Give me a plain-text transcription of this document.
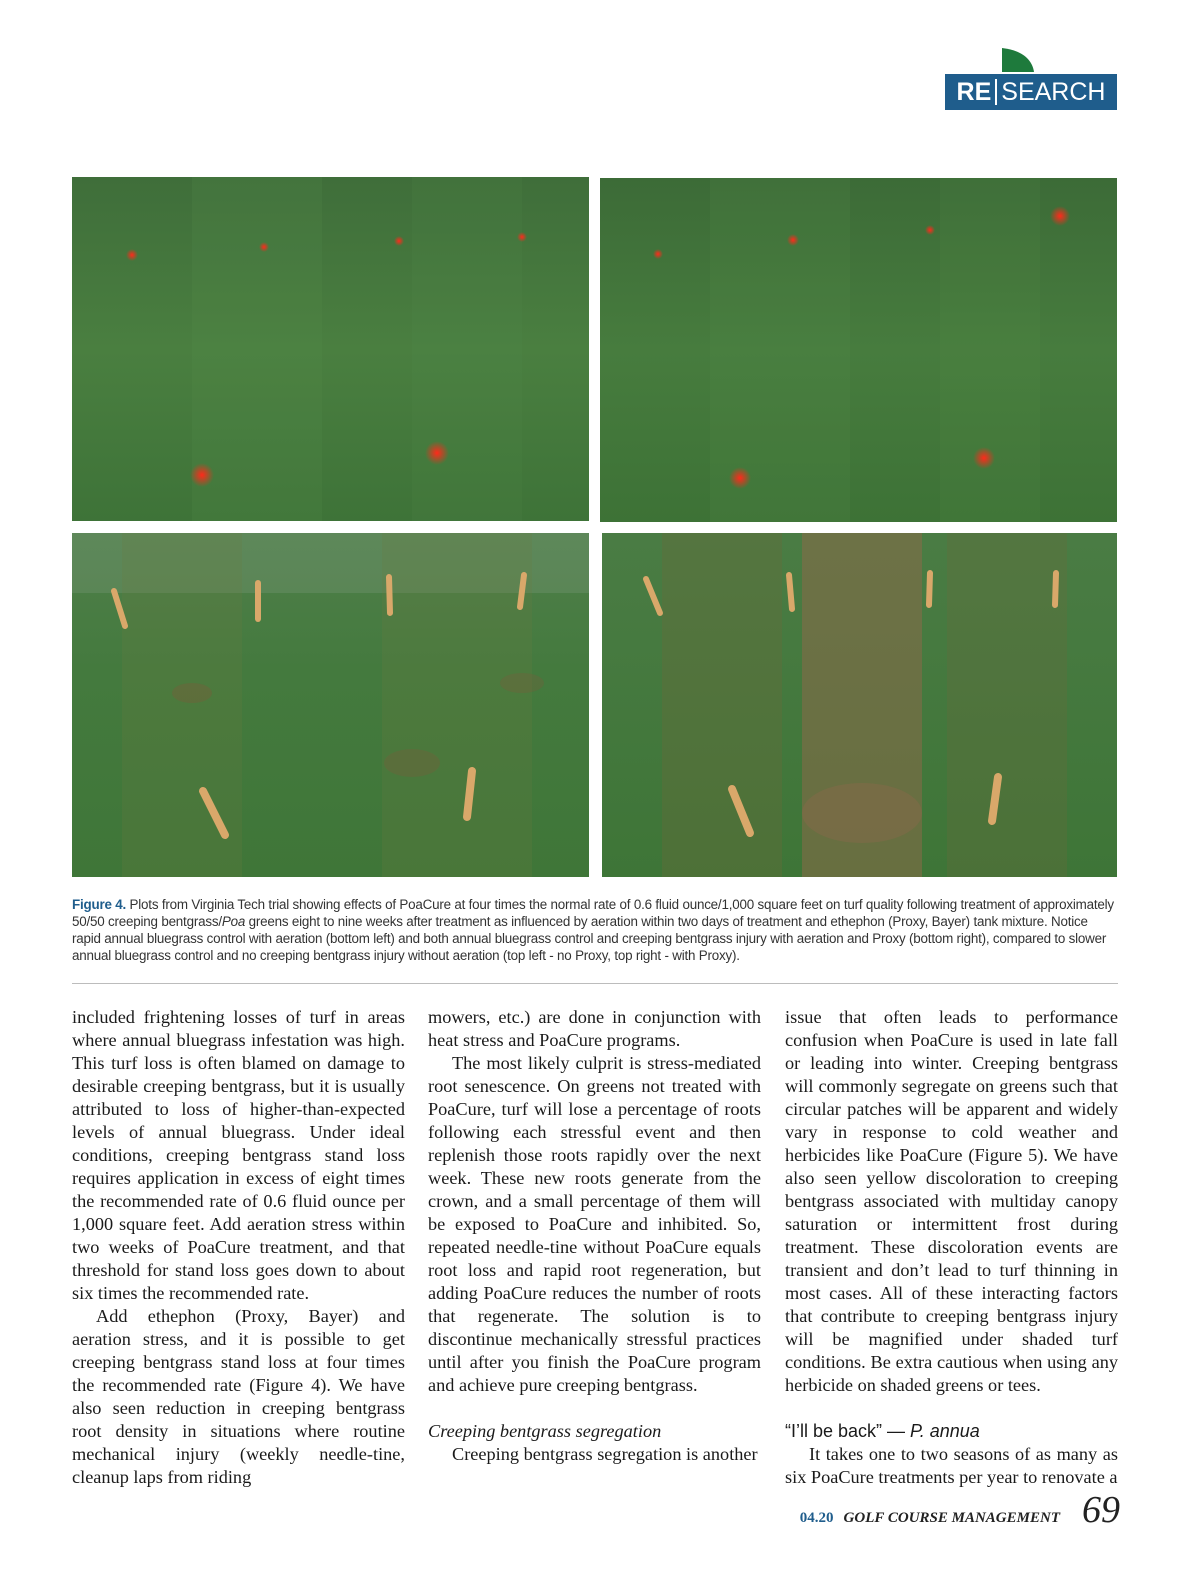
RE SEARCH
Figure 4. Plots from Virginia Tech trial showing effects of PoaCure at four times the normal rate of 0.6 fluid ounce/1,000 square feet on turf quality following treatment of approximately 50/50 creeping bentgrass/Poa greens eight to nine weeks after treatment as influenced by aeration within two days of treatment and ethephon (Proxy, Bayer) tank mixture. Notice rapid annual bluegrass control with aeration (bottom left) and both annual bluegrass control and creeping bentgrass injury with aeration and Proxy (bottom right), compared to slower annual bluegrass control and no creeping bentgrass injury without aeration (top left - no Proxy, top right - with Proxy).

included frightening losses of turf in areas where annual bluegrass infestation was high. This turf loss is often blamed on damage to desirable creeping bentgrass, but it is usually attributed to loss of higher-than-expected levels of annual bluegrass. Under ideal conditions, creeping bentgrass stand loss requires application in excess of eight times the recommended rate of 0.6 fluid ounce per 1,000 square feet. Add aeration stress within two weeks of PoaCure treatment, and that threshold for stand loss goes down to about six times the recommended rate.

Add ethephon (Proxy, Bayer) and aeration stress, and it is possible to get creeping bentgrass stand loss at four times the recommended rate (Figure 4). We have also seen reduction in creeping bentgrass root density in situations where routine mechanical injury (weekly needle-tine, cleanup laps from riding

mowers, etc.) are done in conjunction with heat stress and PoaCure programs.

The most likely culprit is stress-mediated root senescence. On greens not treated with PoaCure, turf will lose a percentage of roots following each stressful event and then replenish those roots rapidly over the next week. These new roots generate from the crown, and a small percentage of them will be exposed to PoaCure and inhibited. So, repeated needle-tine without PoaCure equals root loss and rapid root regeneration, but adding PoaCure reduces the number of roots that regenerate. The solution is to discontinue mechanically stressful practices until after you finish the PoaCure program and achieve pure creeping bentgrass.

Creeping bentgrass segregation

Creeping bentgrass segregation is another

issue that often leads to performance confusion when PoaCure is used in late fall or leading into winter. Creeping bentgrass will commonly segregate on greens such that circular patches will be apparent and widely vary in response to cold weather and herbicides like PoaCure (Figure 5). We have also seen yellow discoloration to creeping bentgrass associated with multiday canopy saturation or intermittent frost during treatment. These discoloration events are transient and don’t lead to turf thinning in most cases. All of these interacting factors that contribute to creeping bentgrass injury will be magnified under shaded turf conditions. Be extra cautious when using any herbicide on shaded greens or tees.

“I’ll be back” — P. annua

It takes one to two seasons of as many as six PoaCure treatments per year to renovate a

04.20 GOLF COURSE MANAGEMENT 69
